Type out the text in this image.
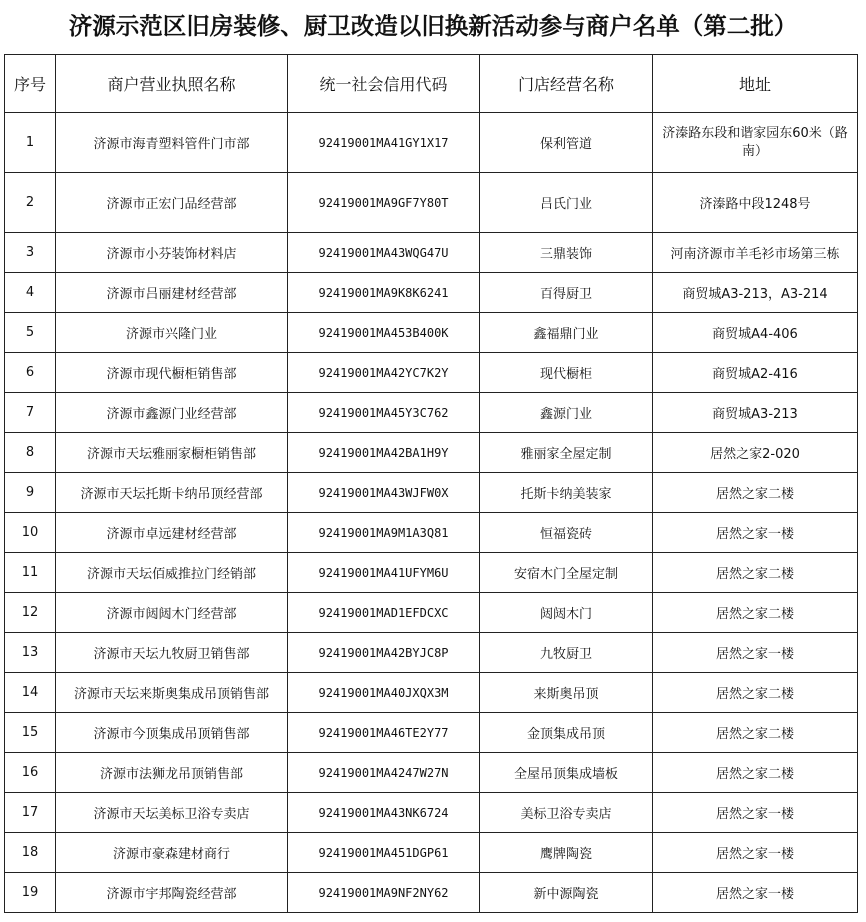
济源示范区旧房装修、厨卫改造以旧换新活动参与商户名单（第二批）
序号	商户营业执照名称	统一社会信用代码	门店经营名称	地址
1	济源市海青塑料管件门市部	92419001MA41GY1X17	保利管道	济溱路东段和谐家园东60米（路南）
2	济源市正宏门品经营部	92419001MA9GF7Y80T	吕氏门业	济溱路中段1248号
3	济源市小芬装饰材料店	92419001MA43WQG47U	三鼎装饰	河南济源市羊毛衫市场第三栋
4	济源市吕丽建材经营部	92419001MA9K8K6241	百得厨卫	商贸城A3-213，A3-214
5	济源市兴隆门业	92419001MA453B400K	鑫福鼎门业	商贸城A4-406
6	济源市现代橱柜销售部	92419001MA42YC7K2Y	现代橱柜	商贸城A2-416
7	济源市鑫源门业经营部	92419001MA45Y3C762	鑫源门业	商贸城A3-213
8	济源市天坛雅丽家橱柜销售部	92419001MA42BA1H9Y	雅丽家全屋定制	居然之家2-020
9	济源市天坛托斯卡纳吊顶经营部	92419001MA43WJFW0X	托斯卡纳美装家	居然之家二楼
10	济源市卓远建材经营部	92419001MA9M1A3Q81	恒福瓷砖	居然之家一楼
11	济源市天坛佰威推拉门经销部	92419001MA41UFYM6U	安宿木门全屋定制	居然之家二楼
12	济源市闼闼木门经营部	92419001MAD1EFDCXC	闼闼木门	居然之家二楼
13	济源市天坛九牧厨卫销售部	92419001MA42BYJC8P	九牧厨卫	居然之家一楼
14	济源市天坛来斯奥集成吊顶销售部	92419001MA40JXQX3M	来斯奥吊顶	居然之家二楼
15	济源市今顶集成吊顶销售部	92419001MA46TE2Y77	金顶集成吊顶	居然之家二楼
16	济源市法狮龙吊顶销售部	92419001MA4247W27N	全屋吊顶集成墙板	居然之家二楼
17	济源市天坛美标卫浴专卖店	92419001MA43NK6724	美标卫浴专卖店	居然之家一楼
18	济源市豪森建材商行	92419001MA451DGP61	鹰牌陶瓷	居然之家一楼
19	济源市宇邦陶瓷经营部	92419001MA9NF2NY62	新中源陶瓷	居然之家一楼
